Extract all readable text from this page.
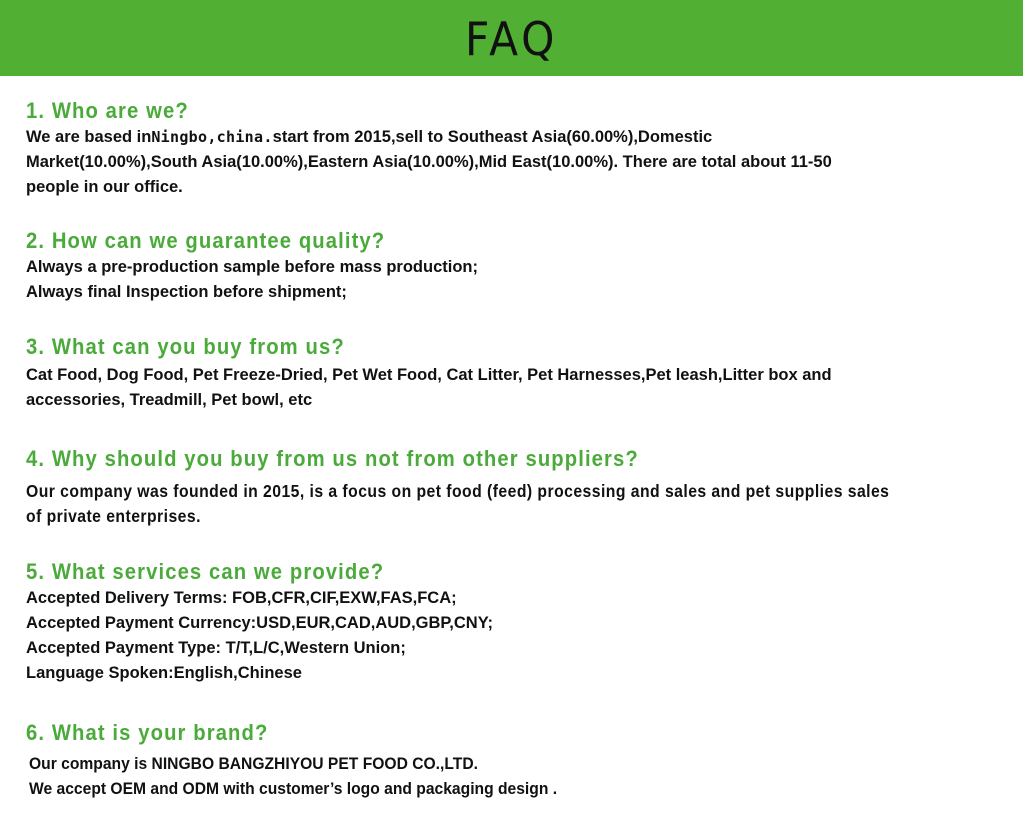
FAQ
1. Who are we?

We are based inNingbo,china.start from 2015,sell to Southeast Asia(60.00%),Domestic

Market(10.00%),South Asia(10.00%),Eastern Asia(10.00%),Mid East(10.00%). There are total about 11-50

people in our office.

2. How can we guarantee quality?

Always a pre-production sample before mass production;

Always final Inspection before shipment;

3. What can you buy from us?

Cat Food, Dog Food, Pet Freeze-Dried, Pet Wet Food, Cat Litter, Pet Harnesses,Pet leash,Litter box and

accessories, Treadmill, Pet bowl, etc

4. Why should you buy from us not from other suppliers?

Our company was founded in 2015, is a focus on pet food (feed) processing and sales and pet supplies sales

of private enterprises.

5. What services can we provide?

Accepted Delivery Terms: FOB,CFR,CIF,EXW,FAS,FCA;

Accepted Payment Currency:USD,EUR,CAD,AUD,GBP,CNY;

Accepted Payment Type: T/T,L/C,Western Union;

Language Spoken:English,Chinese

6. What is your brand?

Our company is NINGBO BANGZHIYOU PET FOOD CO.,LTD.

We accept OEM and ODM with customer’s logo and packaging design .
